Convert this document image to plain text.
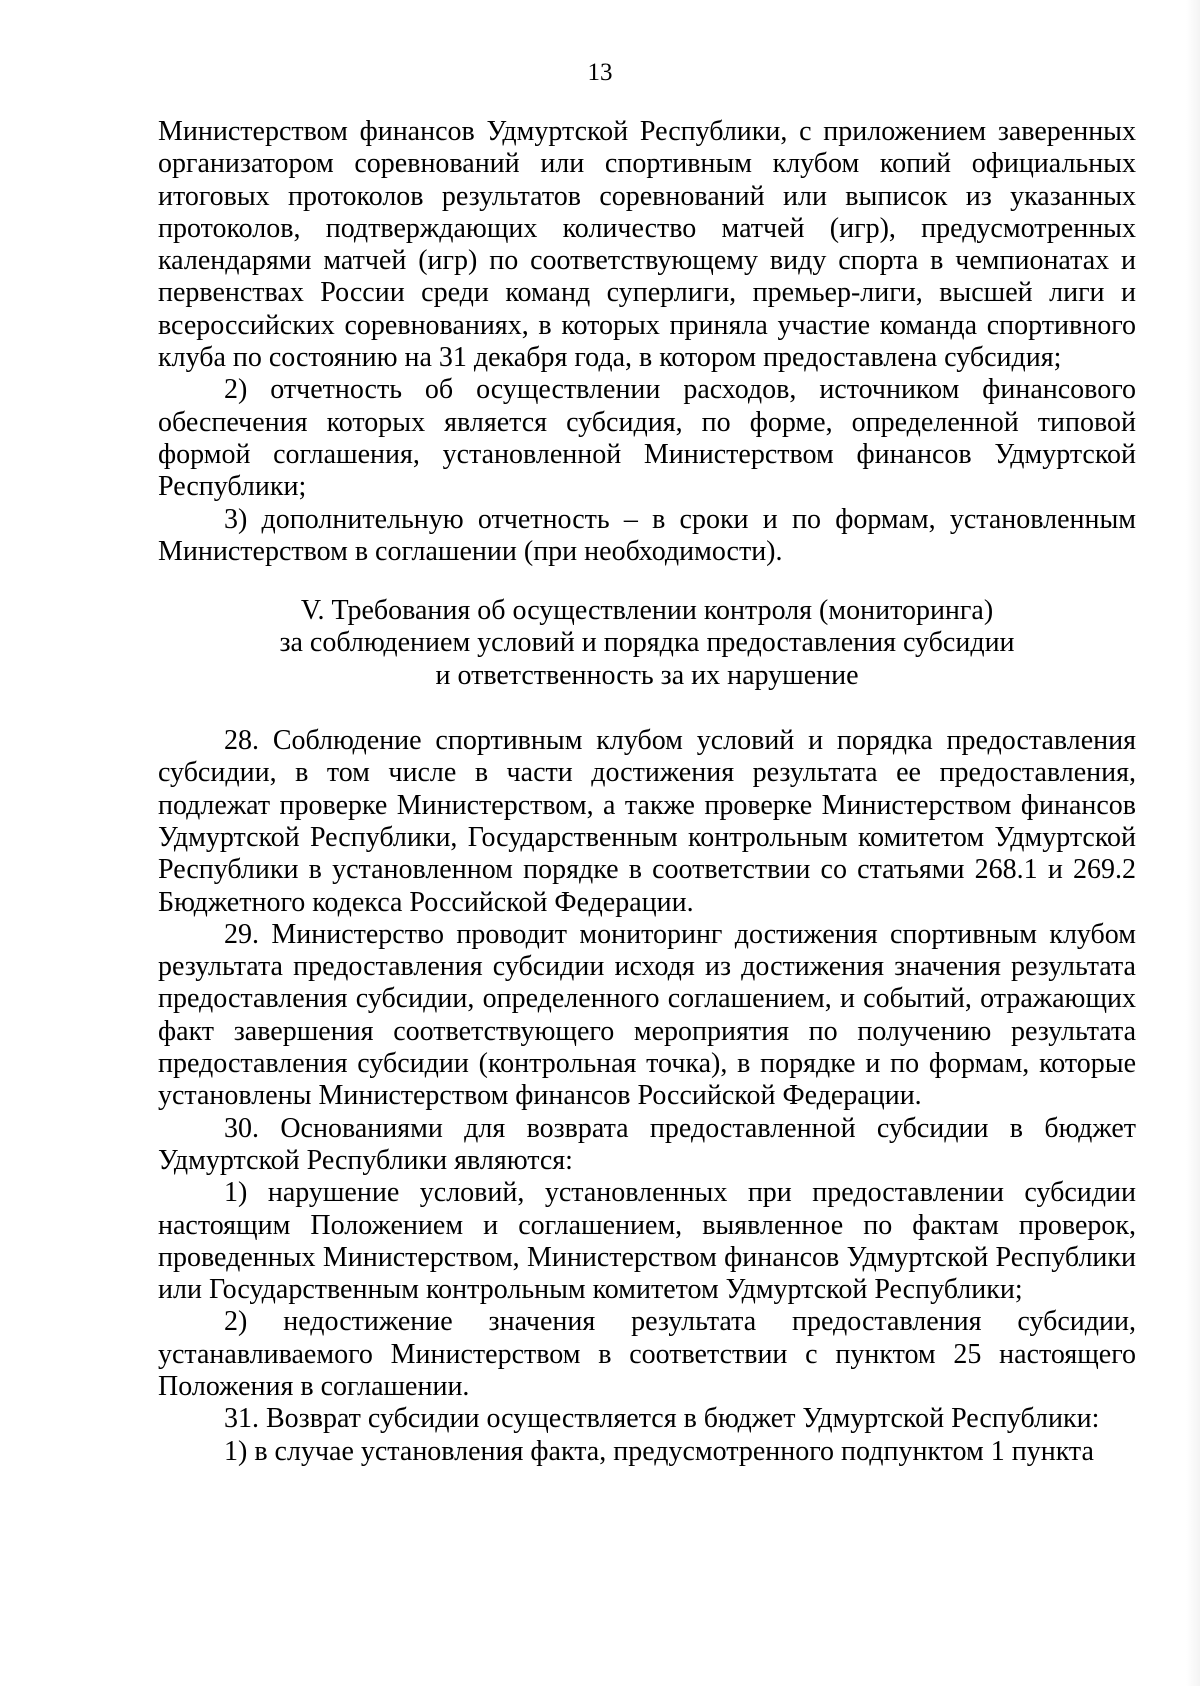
13

Министерством финансов Удмуртской Республики, с приложением заверенных организатором соревнований или спортивным клубом копий официальных итоговых протоколов результатов соревнований или выписок из указанных протоколов, подтверждающих количество матчей (игр), предусмотренных календарями матчей (игр) по соответствующему виду спорта в чемпионатах и первенствах России среди команд суперлиги, премьер-лиги, высшей лиги и всероссийских соревнованиях, в которых приняла участие команда спортивного клуба по состоянию на 31 декабря года, в котором предоставлена субсидия;

2) отчетность об осуществлении расходов, источником финансового обеспечения которых является субсидия, по форме, определенной типовой формой соглашения, установленной Министерством финансов Удмуртской Республики;

3) дополнительную отчетность – в сроки и по формам, установленным Министерством в соглашении (при необходимости).

V. Требования об осуществлении контроля (мониторинга)
за соблюдением условий и порядка предоставления субсидии
и ответственность за их нарушение

28. Соблюдение спортивным клубом условий и порядка предоставления субсидии, в том числе в части достижения результата ее предоставления, подлежат проверке Министерством, а также проверке Министерством финансов Удмуртской Республики, Государственным контрольным комитетом Удмуртской Республики в установленном порядке в соответствии со статьями 268.1 и 269.2 Бюджетного кодекса Российской Федерации.

29. Министерство проводит мониторинг достижения спортивным клубом результата предоставления субсидии исходя из достижения значения результата предоставления субсидии, определенного соглашением, и событий, отражающих факт завершения соответствующего мероприятия по получению результата предоставления субсидии (контрольная точка), в порядке и по формам, которые установлены Министерством финансов Российской Федерации.

30. Основаниями для возврата предоставленной субсидии в бюджет Удмуртской Республики являются:

1) нарушение условий, установленных при предоставлении субсидии настоящим Положением и соглашением, выявленное по фактам проверок, проведенных Министерством, Министерством финансов Удмуртской Республики или Государственным контрольным комитетом Удмуртской Республики;

2) недостижение значения результата предоставления субсидии, устанавливаемого Министерством в соответствии с пунктом 25 настоящего Положения в соглашении.

31. Возврат субсидии осуществляется в бюджет Удмуртской Республики:

1) в случае установления факта, предусмотренного подпунктом 1 пункта
